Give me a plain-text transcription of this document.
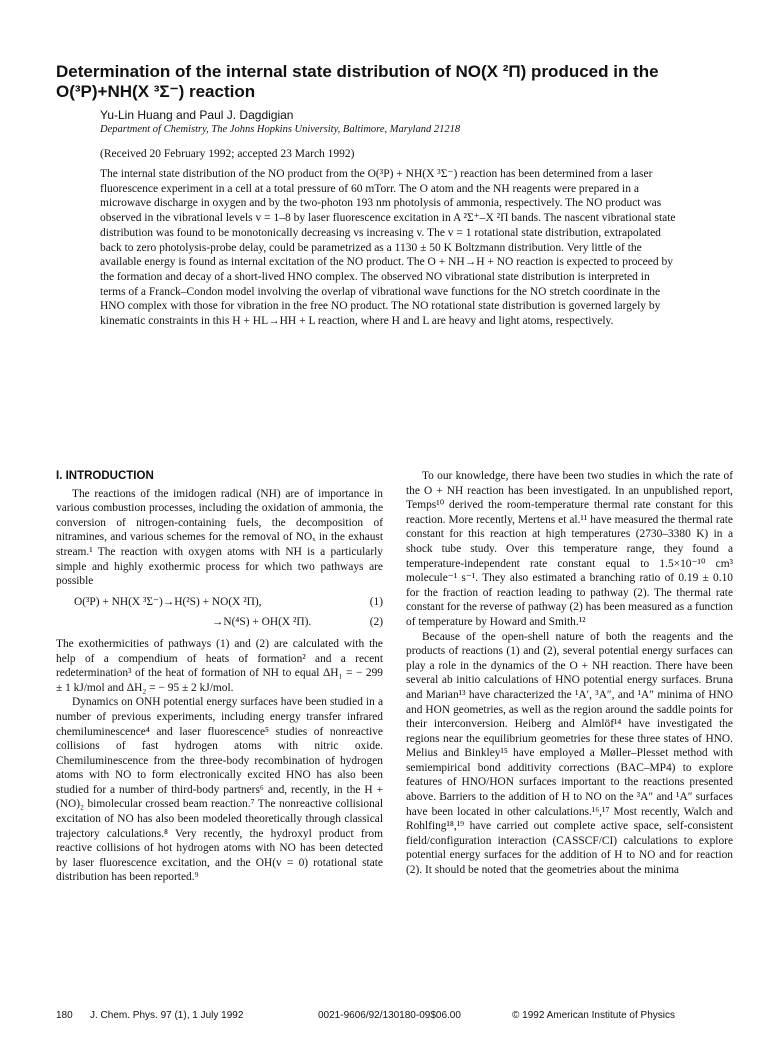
Determination of the internal state distribution of NO(X ²Π) produced in the O(³P)+NH(X ³Σ⁻) reaction
Yu-Lin Huang and Paul J. Dagdigian
Department of Chemistry, The Johns Hopkins University, Baltimore, Maryland 21218
(Received 20 February 1992; accepted 23 March 1992)
The internal state distribution of the NO product from the O(³P) + NH(X ³Σ⁻) reaction has been determined from a laser fluorescence experiment in a cell at a total pressure of 60 mTorr. The O atom and the NH reagents were prepared in a microwave discharge in oxygen and by the two-photon 193 nm photolysis of ammonia, respectively. The NO product was observed in the vibrational levels v = 1–8 by laser fluorescence excitation in A ²Σ⁺–X ²Π bands. The nascent vibrational state distribution was found to be monotonically decreasing vs increasing v. The v = 1 rotational state distribution, extrapolated back to zero photolysis-probe delay, could be parametrized as a 1130 ± 50 K Boltzmann distribution. Very little of the available energy is found as internal excitation of the NO product. The O + NH→H + NO reaction is expected to proceed by the formation and decay of a short-lived HNO complex. The observed NO vibrational state distribution is interpreted in terms of a Franck–Condon model involving the overlap of vibrational wave functions for the NO stretch coordinate in the HNO complex with those for vibration in the free NO product. The NO rotational state distribution is governed largely by kinematic constraints in this H + HL→HH + L reaction, where H and L are heavy and light atoms, respectively.
I. INTRODUCTION

The reactions of the imidogen radical (NH) are of importance in various combustion processes, including the oxidation of ammonia, the conversion of nitrogen-containing fuels, the decomposition of nitramines, and various schemes for the removal of NOₓ in the exhaust stream.¹ The reaction with oxygen atoms with NH is a particularly simple and highly exothermic process for which two pathways are possible

O(³P) + NH(X ³Σ⁻)→H(²S) + NO(X ²Π),	(1)
→N(⁴S) + OH(X ²Π).	(2)

The exothermicities of pathways (1) and (2) are calculated with the help of a compendium of heats of formation² and a recent redetermination³ of the heat of formation of NH to equal ΔH₁ = − 299 ± 1 kJ/mol and ΔH₂ = − 95 ± 2 kJ/mol.

Dynamics on ONH potential energy surfaces have been studied in a number of previous experiments, including energy transfer infrared chemiluminescence⁴ and laser fluorescence⁵ studies of nonreactive collisions of fast hydrogen atoms with nitric oxide. Chemiluminescence from the three-body recombination of hydrogen atoms with NO to form electronically excited HNO has also been studied for a number of third-body partners⁶ and, recently, in the H + (NO)₂ bimolecular crossed beam reaction.⁷ The nonreactive collisional excitation of NO has also been modeled theoretically through classical trajectory calculations.⁸ Very recently, the hydroxyl product from reactive collisions of hot hydrogen atoms with NO has been detected by laser fluorescence excitation, and the OH(v = 0) rotational state distribution has been reported.⁹

To our knowledge, there have been two studies in which the rate of the O + NH reaction has been investigated. In an unpublished report, Temps¹⁰ derived the room-temperature thermal rate constant for this reaction. More recently, Mertens et al.¹¹ have measured the thermal rate constant for this reaction at high temperatures (2730–3380 K) in a shock tube study. Over this temperature range, they found a temperature-independent rate constant equal to 1.5×10⁻¹⁰ cm³ molecule⁻¹ s⁻¹. They also estimated a branching ratio of 0.19 ± 0.10 for the fraction of reaction leading to pathway (2). The thermal rate constant for the reverse of pathway (2) has been measured as a function of temperature by Howard and Smith.¹²

Because of the open-shell nature of both the reagents and the products of reactions (1) and (2), several potential energy surfaces can play a role in the dynamics of the O + NH reaction. There have been several ab initio calculations of HNO potential energy surfaces. Bruna and Marian¹³ have characterized the ¹A′, ³A″, and ¹A″ minima of HNO and HON geometries, as well as the region around the saddle points for their interconversion. Heiberg and Almlöf¹⁴ have investigated the regions near the equilibrium geometries for these three states of HNO. Melius and Binkley¹⁵ have employed a Møller–Plesset method with semiempirical bond additivity corrections (BAC–MP4) to explore features of HNO/HON surfaces important to the reactions presented above. Barriers to the addition of H to NO on the ³A″ and ¹A″ surfaces have been located in other calculations.¹⁶,¹⁷ Most recently, Walch and Rohlfing¹⁸,¹⁹ have carried out complete active space, self-consistent field/configuration interaction (CASSCF/CI) calculations to explore potential energy surfaces for the addition of H to NO and for reaction (2). It should be noted that the geometries about the minima

180 J. Chem. Phys. 97 (1), 1 July 1992	0021-9606/92/130180-09$06.00	© 1992 American Institute of Physics
